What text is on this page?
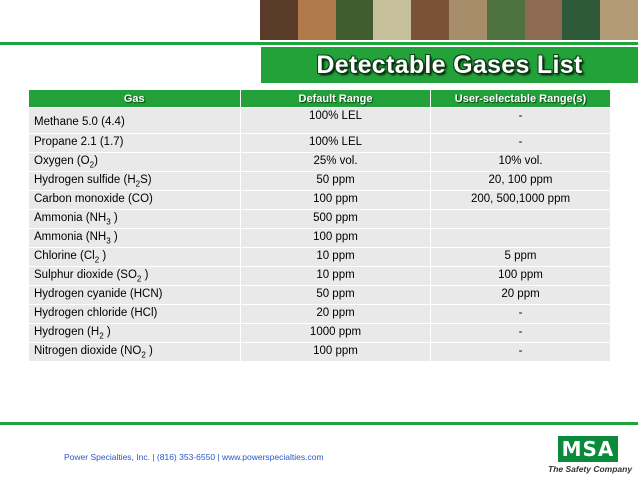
Detectable Gases List
Gas	Default Range	User-selectable Range(s)
Methane 5.0 (4.4)	100% LEL	-
Propane 2.1 (1.7)	100% LEL	-
Oxygen $(O_2)$	25% vol.	10% vol.
Hydrogen sulfide $(H_2S)$	50 ppm	20, 100 ppm
Carbon monoxide (CO)	100 ppm	200, 500,1000 ppm
Ammonia ($NH_3$ )	500 ppm	
Ammonia ($NH_3$ )	100 ppm	
Chlorine ($Cl_2$ )	10 ppm	5 ppm
Sulphur dioxide ($SO_2$ )	10 ppm	100 ppm
Hydrogen cyanide (HCN)	50 ppm	20 ppm
Hydrogen chloride (HCl)	20 ppm	-
Hydrogen ($H_2$ )	1000 ppm	-
Nitrogen dioxide ($NO_2$ )	100 ppm	-
Power Specialties, Inc. | (816) 353-6550 | www.powerspecialties.com	MSA
The Safety Company
